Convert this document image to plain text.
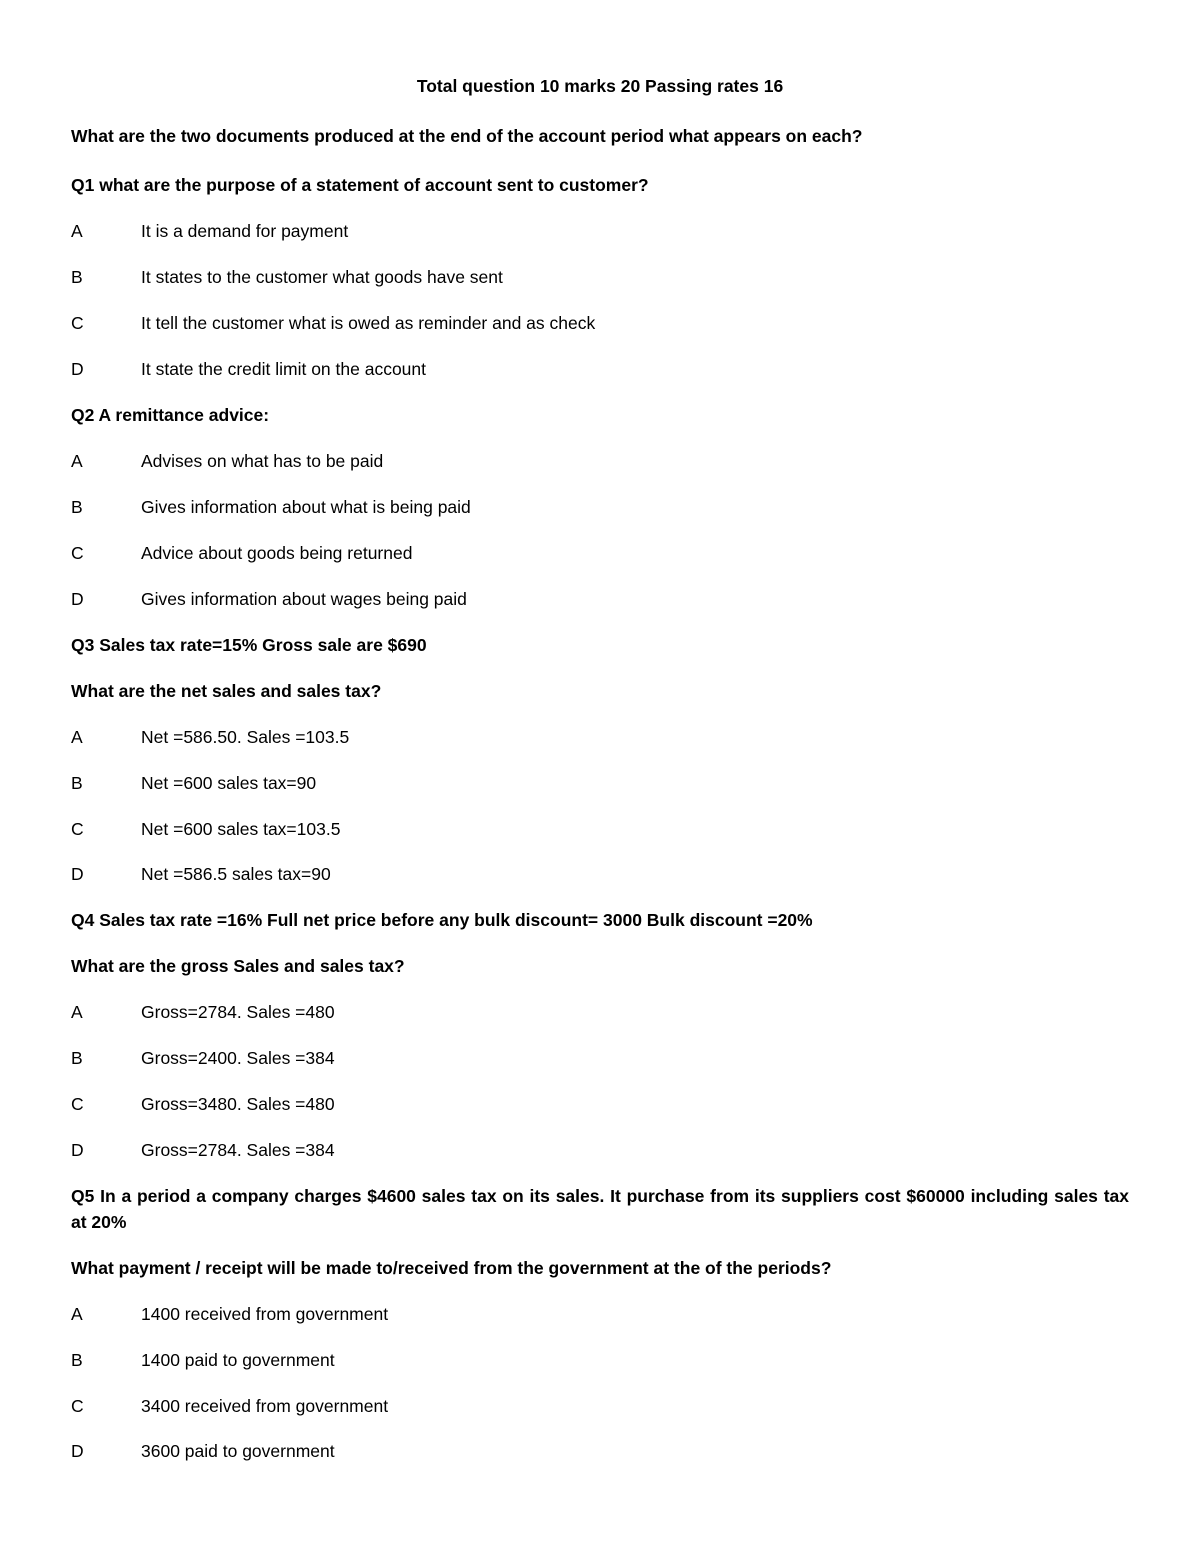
Total question 10 marks 20 Passing rates 16
What are the two documents produced at the end of the account period what appears on each?
Q1 what are the purpose of a statement of account sent to customer?
A	It is a demand for payment
B	It states to the customer what goods have sent
C	It tell the customer what is owed as reminder and as check
D	It state the credit limit on the account
Q2 A remittance advice:
A	Advises on what has to be paid
B	Gives information about what is being paid
C	Advice about goods being returned
D	Gives information about wages being paid
Q3 Sales tax rate=15% Gross sale are $690
What are the net sales and sales tax?
A	Net =586.50. Sales =103.5
B	Net =600 sales tax=90
C	Net =600 sales tax=103.5
D	Net =586.5 sales tax=90
Q4 Sales tax rate =16% Full net price before any bulk discount= 3000 Bulk discount =20%
What are the gross Sales and sales tax?
A	Gross=2784. Sales =480
B	Gross=2400. Sales =384
C	Gross=3480. Sales =480
D	Gross=2784. Sales =384
Q5 In a period a company charges $4600 sales tax on its sales. It purchase from its suppliers cost $60000 including sales tax at 20%
What payment / receipt will be made to/received from the government at the of the periods?
A	1400 received from government
B	1400 paid to government
C	3400 received from government
D	3600 paid to government
